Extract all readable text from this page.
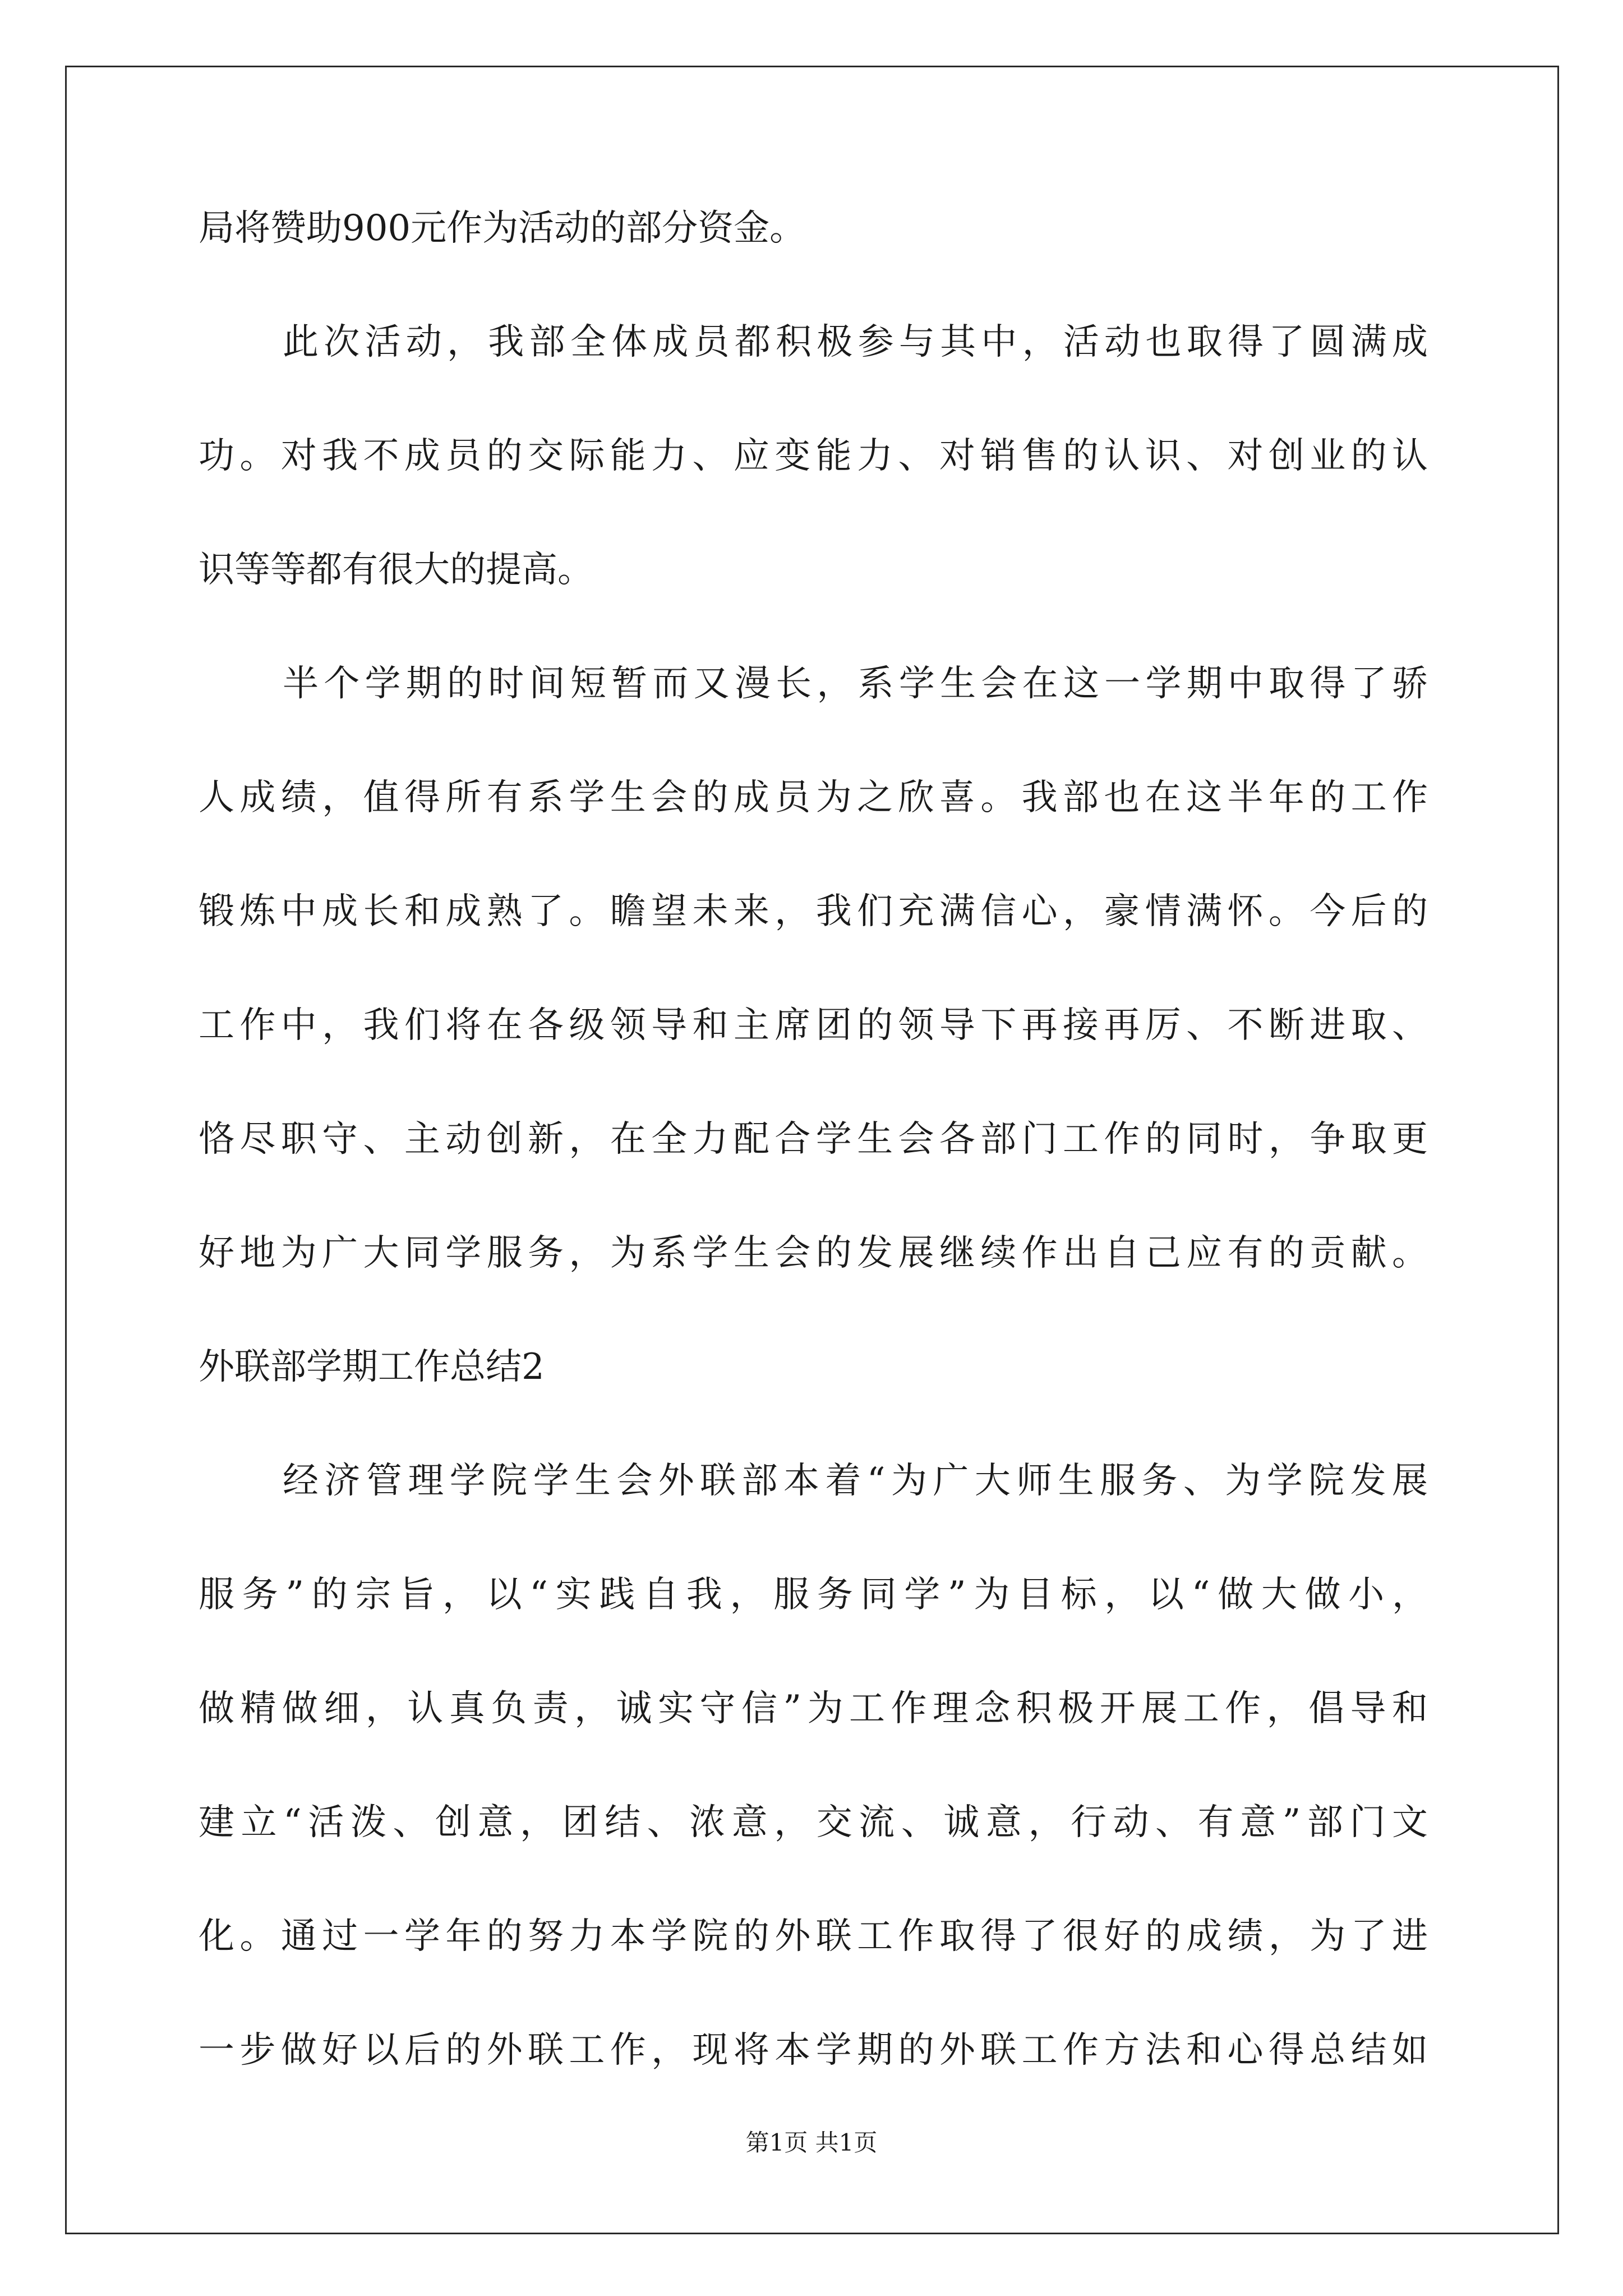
局将赞助900元作为活动的部分资金。
此次活动，我部全体成员都积极参与其中，活动也取得了圆满成
功。对我不成员的交际能力、应变能力、对销售的认识、对创业的认
识等等都有很大的提高。
半个学期的时间短暂而又漫长，系学生会在这一学期中取得了骄
人成绩，值得所有系学生会的成员为之欣喜。我部也在这半年的工作
锻炼中成长和成熟了。瞻望未来，我们充满信心，豪情满怀。今后的
工作中，我们将在各级领导和主席团的领导下再接再厉、不断进取、
恪尽职守、主动创新，在全力配合学生会各部门工作的同时，争取更
好地为广大同学服务，为系学生会的发展继续作出自己应有的贡献。
外联部学期工作总结2
经济管理学院学生会外联部本着“为广大师生服务、为学院发展
服务”的宗旨，以“实践自我，服务同学”为目标，以“做大做小，
做精做细，认真负责，诚实守信”为工作理念积极开展工作，倡导和
建立“活泼、创意，团结、浓意，交流、诚意，行动、有意”部门文
化。通过一学年的努力本学院的外联工作取得了很好的成绩，为了进
一步做好以后的外联工作，现将本学期的外联工作方法和心得总结如
第1页 共1页
